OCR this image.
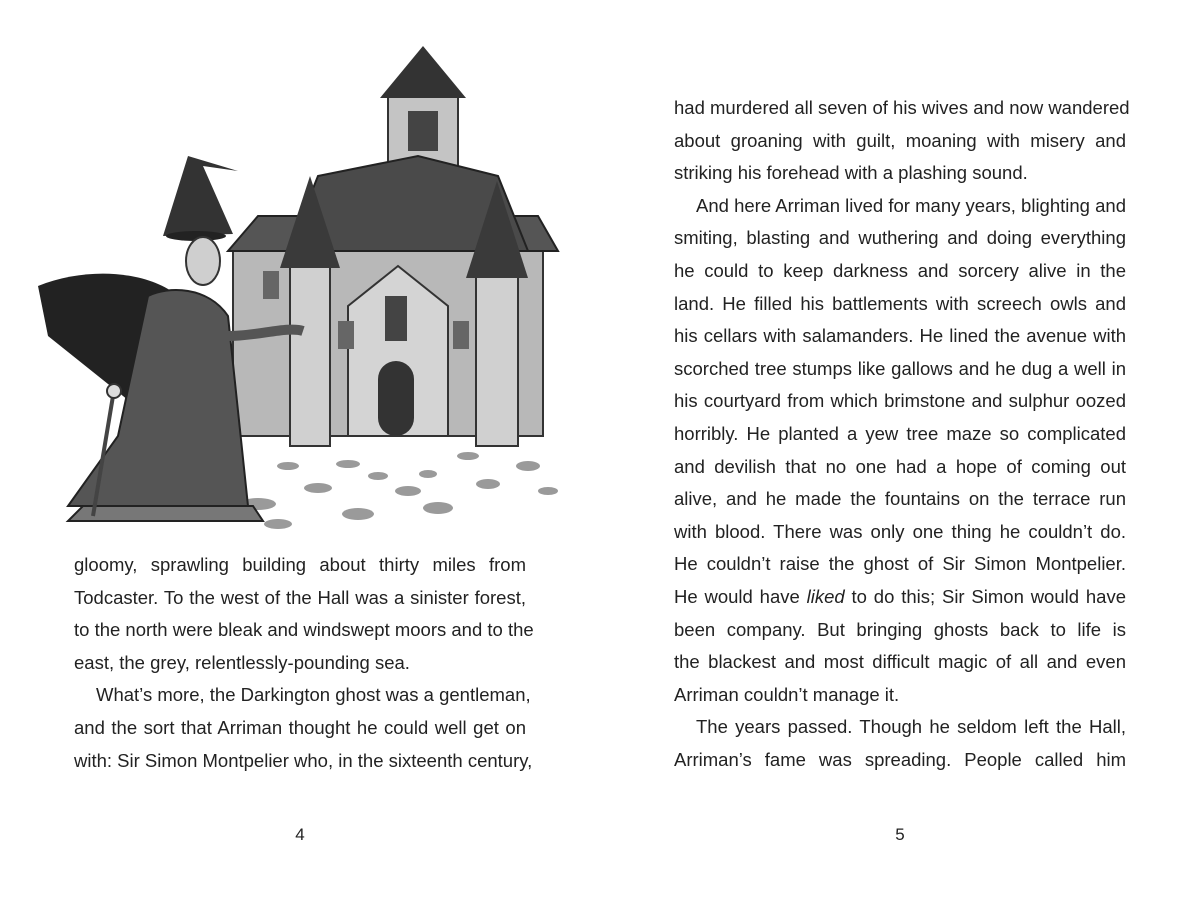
gloomy, sprawling building about thirty miles from
Todcaster. To the west of the Hall was a sinister forest,
to the north were bleak and windswept moors and to the
east, the grey, relentlessly-pounding sea.
What’s more, the Darkington ghost was a gentleman,
and the sort that Arriman thought he could well get on
with: Sir Simon Montpelier who, in the sixteenth century,
4
had murdered all seven of his wives and now wandered
about groaning with guilt, moaning with misery and
striking his forehead with a plashing sound.
And here Arriman lived for many years, blighting and
smiting, blasting and wuthering and doing everything
he could to keep darkness and sorcery alive in the
land. He filled his battlements with screech owls and
his cellars with salamanders. He lined the avenue with
scorched tree stumps like gallows and he dug a well in
his courtyard from which brimstone and sulphur oozed
horribly. He planted a yew tree maze so complicated
and devilish that no one had a hope of coming out
alive, and he made the fountains on the terrace run
with blood. There was only one thing he couldn’t do.
He couldn’t raise the ghost of Sir Simon Montpelier.
He would have liked to do this; Sir Simon would have
been company. But bringing ghosts back to life is
the blackest and most difficult magic of all and even
Arriman couldn’t manage it.
The years passed. Though he seldom left the Hall,
Arriman’s fame was spreading. People called him
5
